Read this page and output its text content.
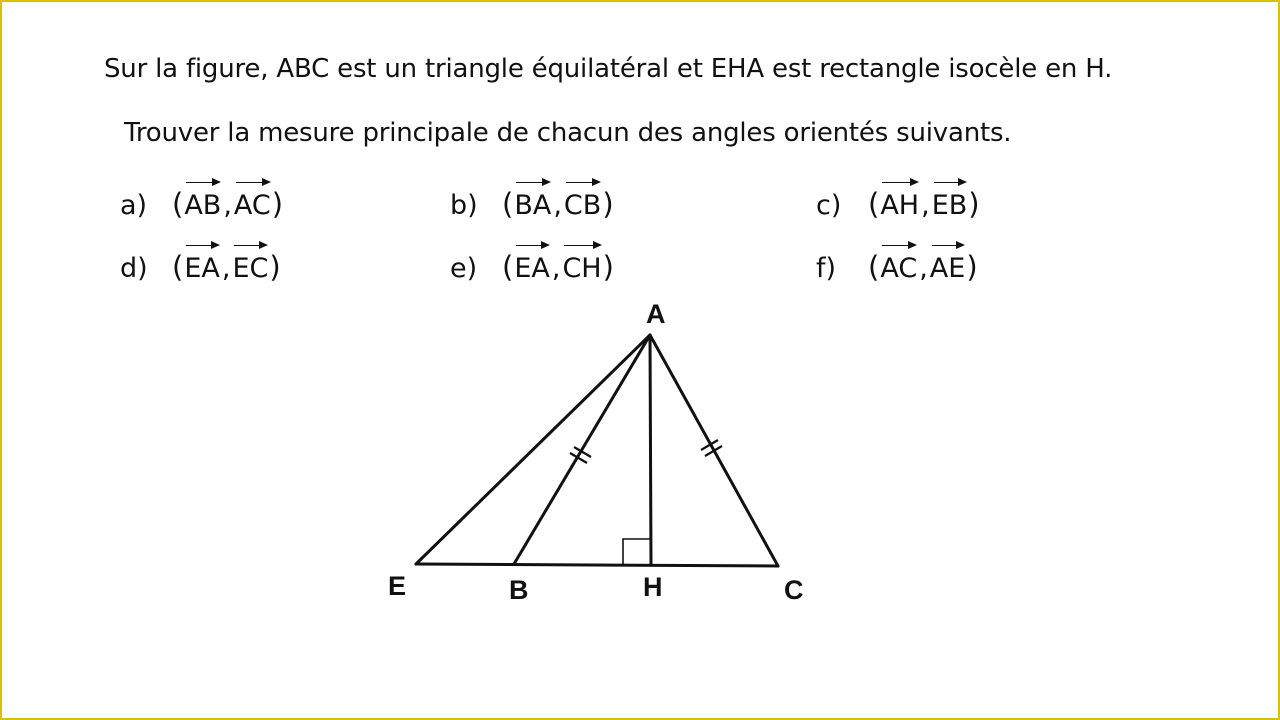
Sur la figure, ABC est un triangle équilatéral et EHA est rectangle isocèle en H.
Trouver la mesure principale de chacun des angles orientés suivants.
a) ( AB , AC )	b) ( BA , CB )	c) ( AH , EB )
d) ( EA , EC )	e) ( EA , CH )	f)	( AC , AE )
A
E	B	H	C
